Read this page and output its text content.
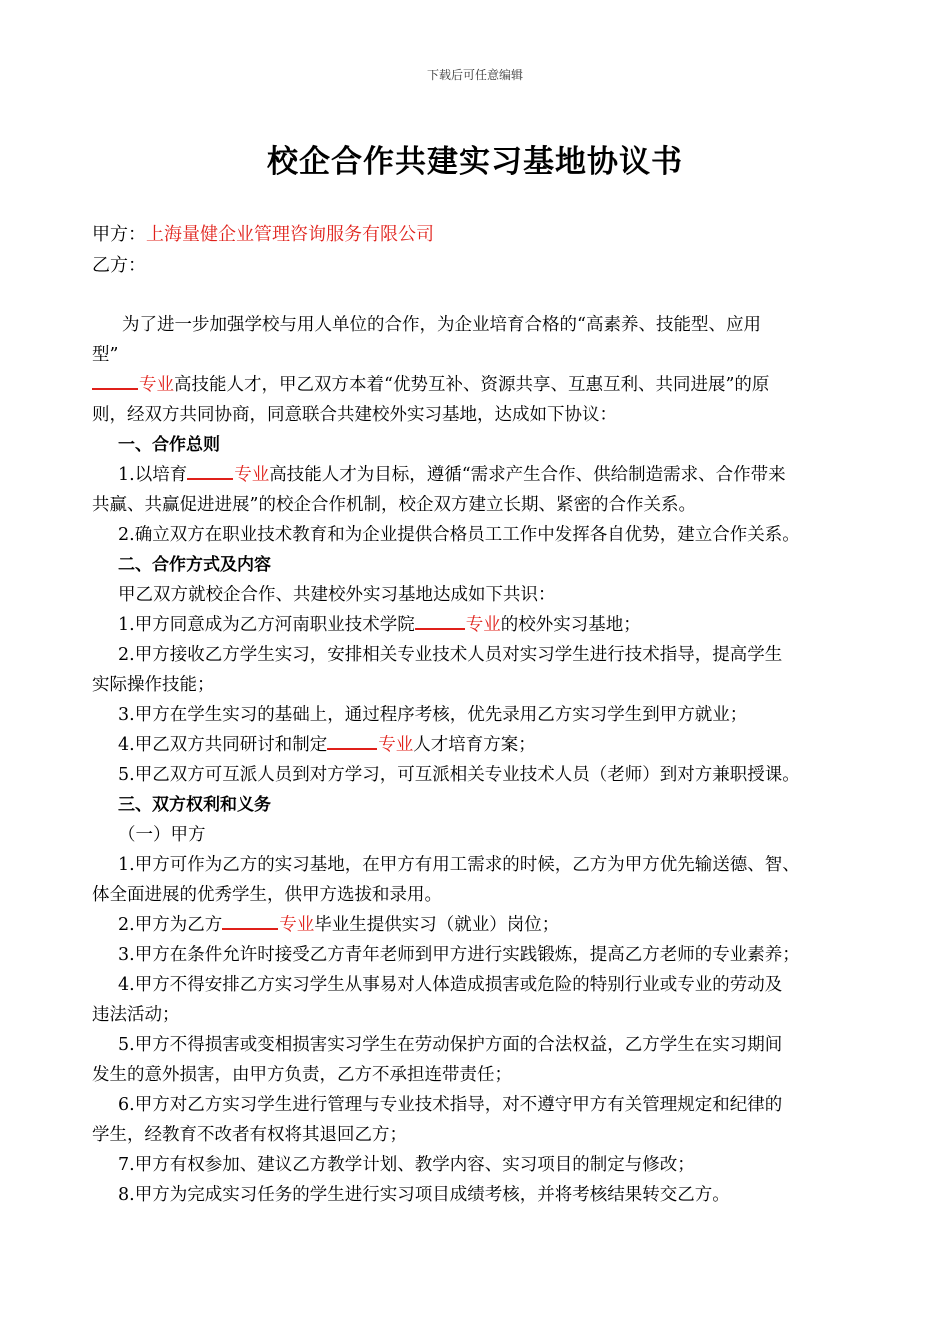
下载后可任意编辑
校企合作共建实习基地协议书
甲方：上海量健企业管理咨询服务有限公司
乙方：
为了进一步加强学校与用人单位的合作，为企业培育合格的“高素养、技能型、应用
型”
专业高技能人才，甲乙双方本着“优势互补、资源共享、互惠互利、共同进展”的原
则，经双方共同协商，同意联合共建校外实习基地，达成如下协议：
一、合作总则
1.以培育	专业高技能人才为目标，遵循“需求产生合作、供给制造需求、合作带来
共赢、共赢促进进展”的校企合作机制，校企双方建立长期、紧密的合作关系。
2.确立双方在职业技术教育和为企业提供合格员工工作中发挥各自优势，建立合作关系。
二、合作方式及内容
甲乙双方就校企合作、共建校外实习基地达成如下共识：
1.甲方同意成为乙方河南职业技术学院	专业的校外实习基地；
2.甲方接收乙方学生实习，安排相关专业技术人员对实习学生进行技术指导，提高学生
实际操作技能；
3.甲方在学生实习的基础上，通过程序考核，优先录用乙方实习学生到甲方就业；
4.甲乙双方共同研讨和制定	专业人才培育方案；
5.甲乙双方可互派人员到对方学习，可互派相关专业技术人员（老师）到对方兼职授课。
三、双方权利和义务
（一）甲方
1.甲方可作为乙方的实习基地，在甲方有用工需求的时候，乙方为甲方优先输送德、智、
体全面进展的优秀学生，供甲方选拔和录用。
2.甲方为乙方	专业毕业生提供实习（就业）岗位；
3.甲方在条件允许时接受乙方青年老师到甲方进行实践锻炼，提高乙方老师的专业素养；
4.甲方不得安排乙方实习学生从事易对人体造成损害或危险的特别行业或专业的劳动及
违法活动；
5.甲方不得损害或变相损害实习学生在劳动保护方面的合法权益，乙方学生在实习期间
发生的意外损害，由甲方负责，乙方不承担连带责任；
6.甲方对乙方实习学生进行管理与专业技术指导，对不遵守甲方有关管理规定和纪律的
学生，经教育不改者有权将其退回乙方；
7.甲方有权参加、建议乙方教学计划、教学内容、实习项目的制定与修改；
8.甲方为完成实习任务的学生进行实习项目成绩考核，并将考核结果转交乙方。
